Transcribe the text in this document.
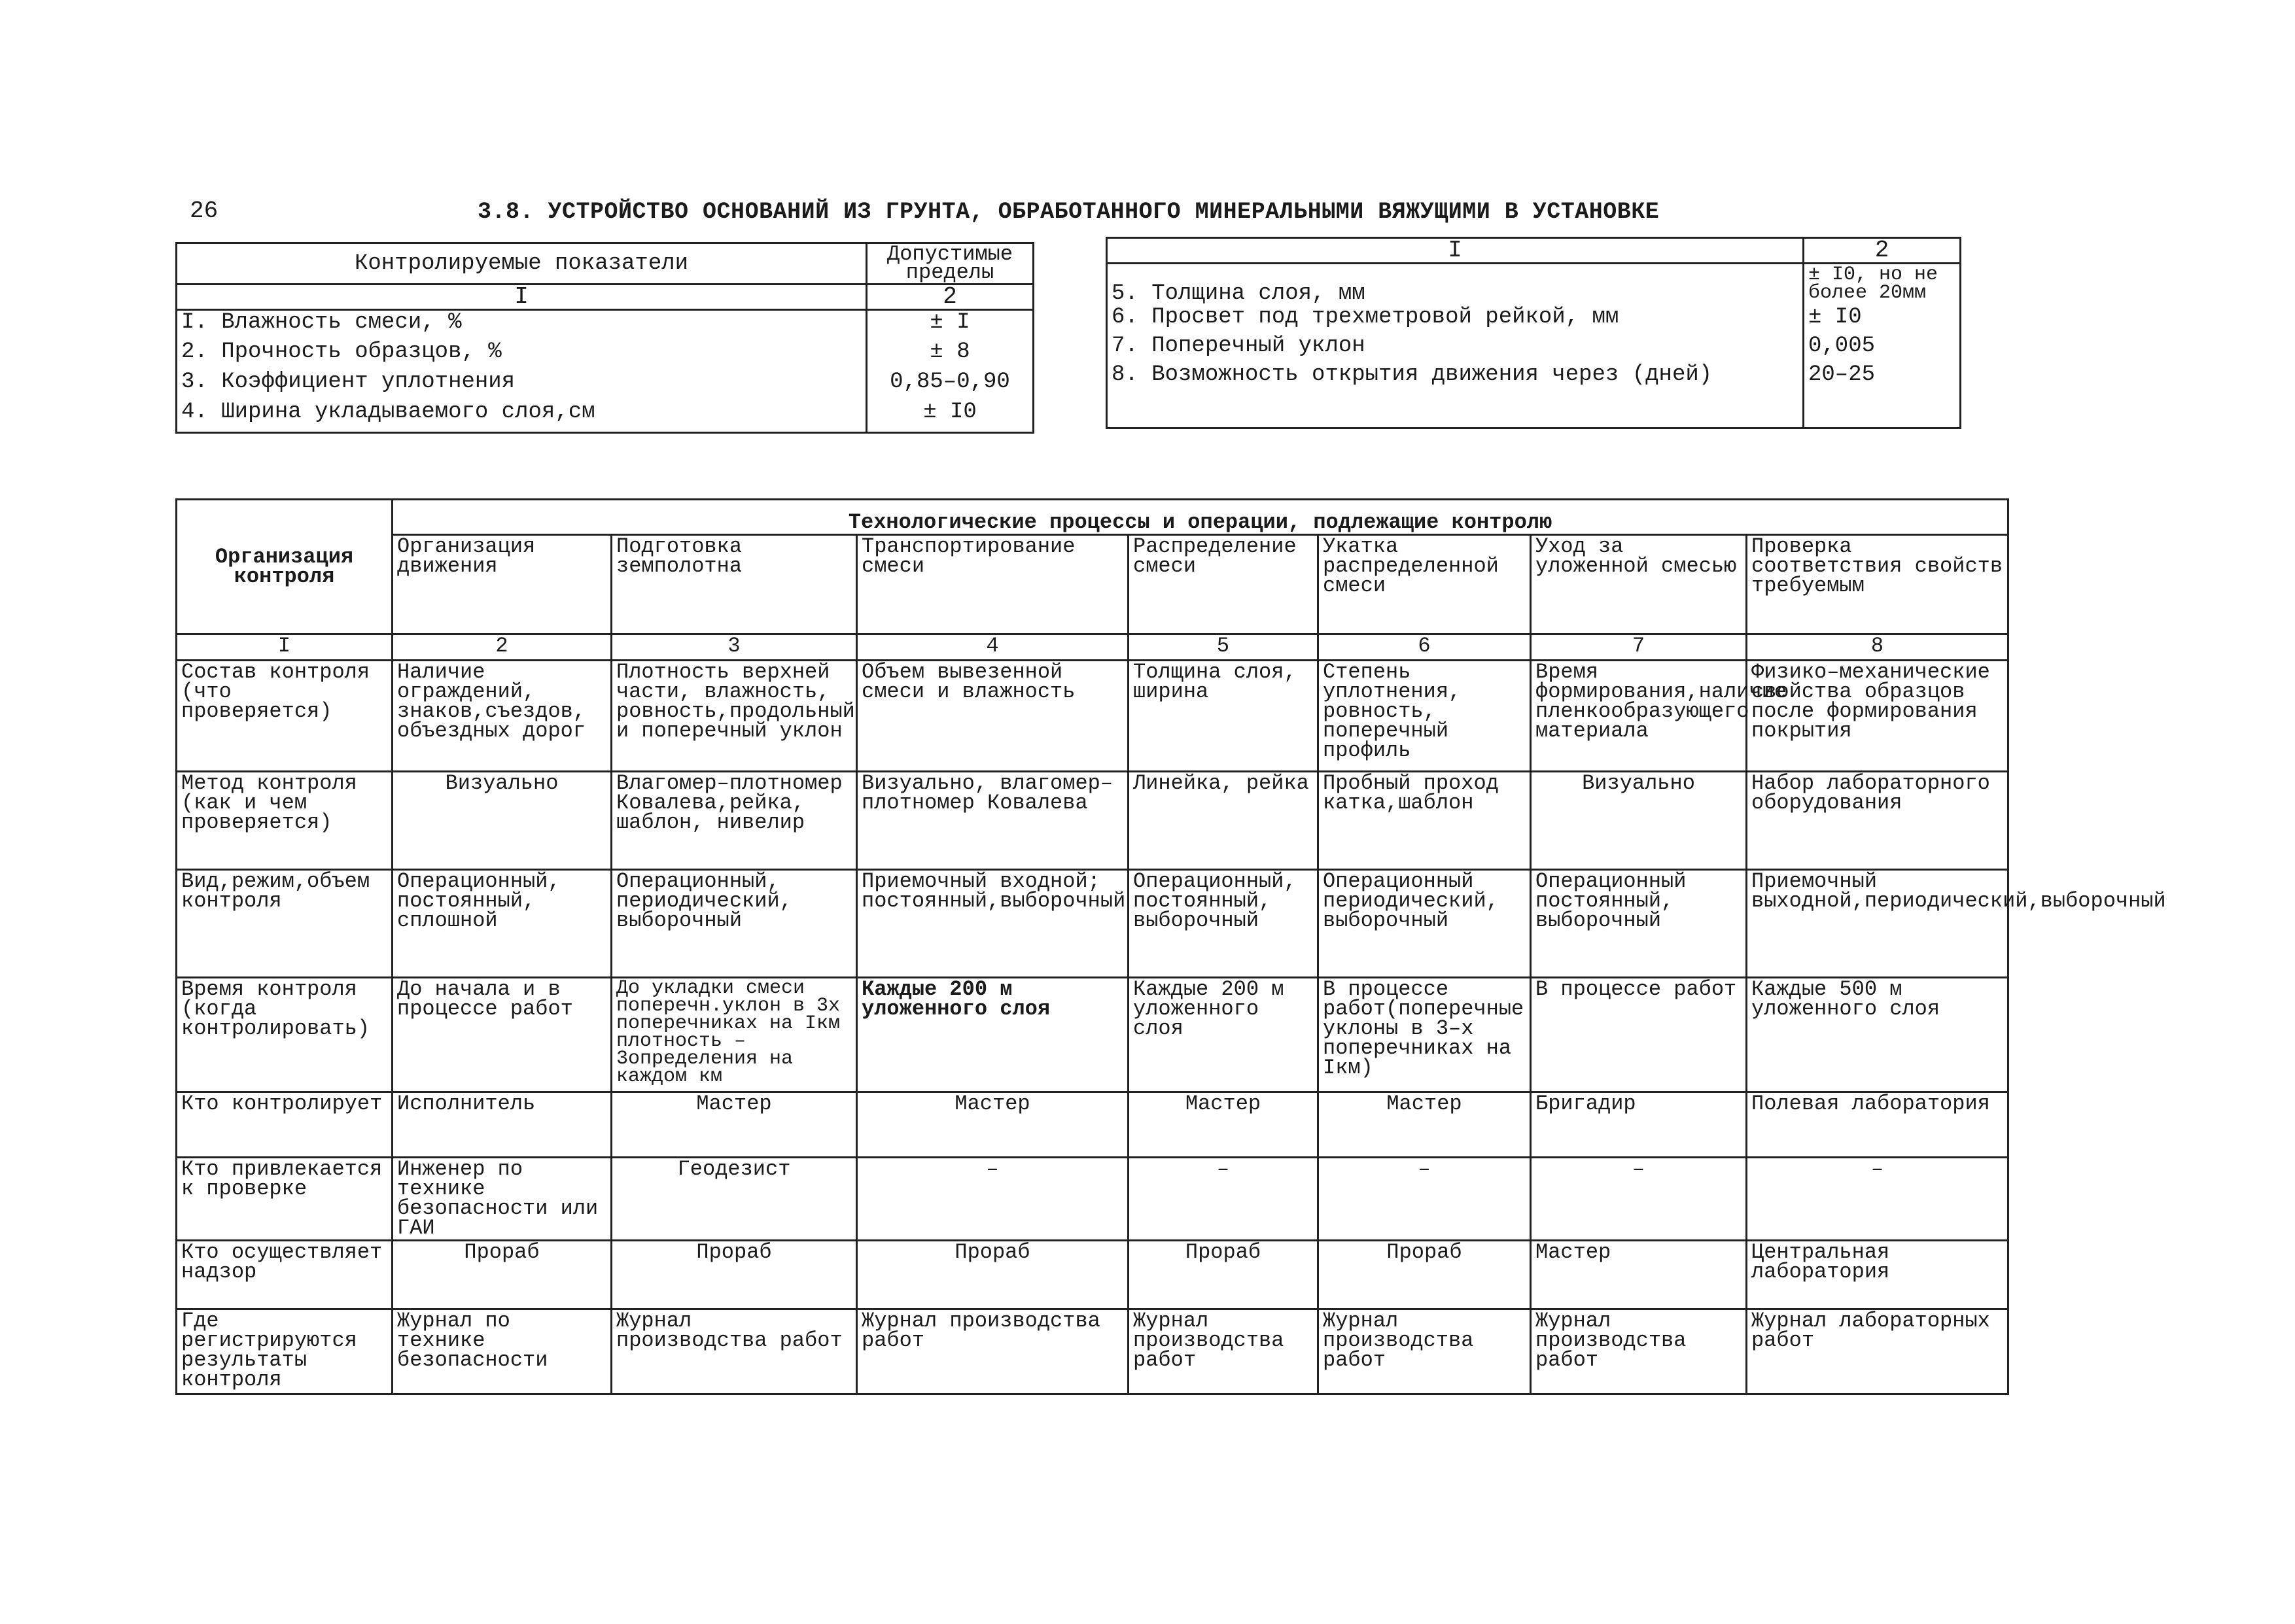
26	3.8. УСТРОЙСТВО ОСНОВАНИЙ ИЗ ГРУНТА, ОБРАБОТАННОГО МИНЕРАЛЬНЫМИ ВЯЖУЩИМИ В УСТАНОВКЕ
Контролируемые показатели	Допустимые пределы
I	2
I. Влажность смеси, %	± I
2. Прочность образцов, %	± 8
3. Коэффициент уплотнения	0,85–0,90
4. Ширина укладываемого слоя,см	± I0
I	2
5. Толщина слоя, мм	± I0, но не более 20мм
6. Просвет под трехметровой рейкой, мм	± I0
7. Поперечный уклон	0,005
8. Возможность открытия движения через (дней)	20–25
Организация контроля	Технологические процессы и операции, подлежащие контролю						
	Организация движения	Подготовка земполотна	Транспортирование смеси	Распределение смеси	Укатка распределенной смеси	Уход за уложенной смесью	Проверка соответствия свойств требуемым
I	2	3	4	5	6	7	8
Состав контроля (что проверяется)	Наличие ограждений, знаков,съездов, объездных дорог	Плотность верхней части, влажность, ровность,продольный и поперечный уклон	Объем вывезенной смеси и влажность	Толщина слоя, ширина	Степень уплотнения, ровность, поперечный профиль	Время формирования,наличие пленкообразующего материала	Физико–механические свойства образцов после формирования покрытия
Метод контроля (как и чем проверяется)	Визуально	Влагомер–плотномер Ковалева,рейка, шаблон, нивелир	Визуально, влагомер–плотномер Ковалева	Линейка, рейка	Пробный проход катка,шаблон	Визуально	Набор лабораторного оборудования
Вид,режим,объем контроля	Операционный, постоянный, сплошной	Операционный, периодический, выборочный	Приемочный входной; постоянный,выборочный	Операционный, постоянный, выборочный	Операционный периодический, выборочный	Операционный постоянный, выборочный	Приемочный выходной,периодический,выборочный
Время контроля (когда контролировать)	До начала и в процессе работ	До укладки смеси поперечн.уклон в 3х поперечниках на Iкм плотность –3определения на каждом км	Каждые 200 м уложенного слоя	Каждые 200 м уложенного слоя	В процессе работ(поперечные уклоны в 3–х поперечниках на Iкм)	В процессе работ	Каждые 500 м уложенного слоя
Кто контролирует	Исполнитель	Мастер	Мастер	Мастер	Мастер	Бригадир	Полевая лаборатория
Кто привлекается к проверке	Инженер по технике безопасности или ГАИ	Геодезист	–	–	–	–	–
Кто осуществляет надзор	Прораб	Прораб	Прораб	Прораб	Прораб	Мастер	Центральная лаборатория
Где регистрируются результаты контроля	Журнал по технике безопасности	Журнал производства работ	Журнал производства работ	Журнал производства работ	Журнал производства работ	Журнал производства работ	Журнал лабораторных работ
